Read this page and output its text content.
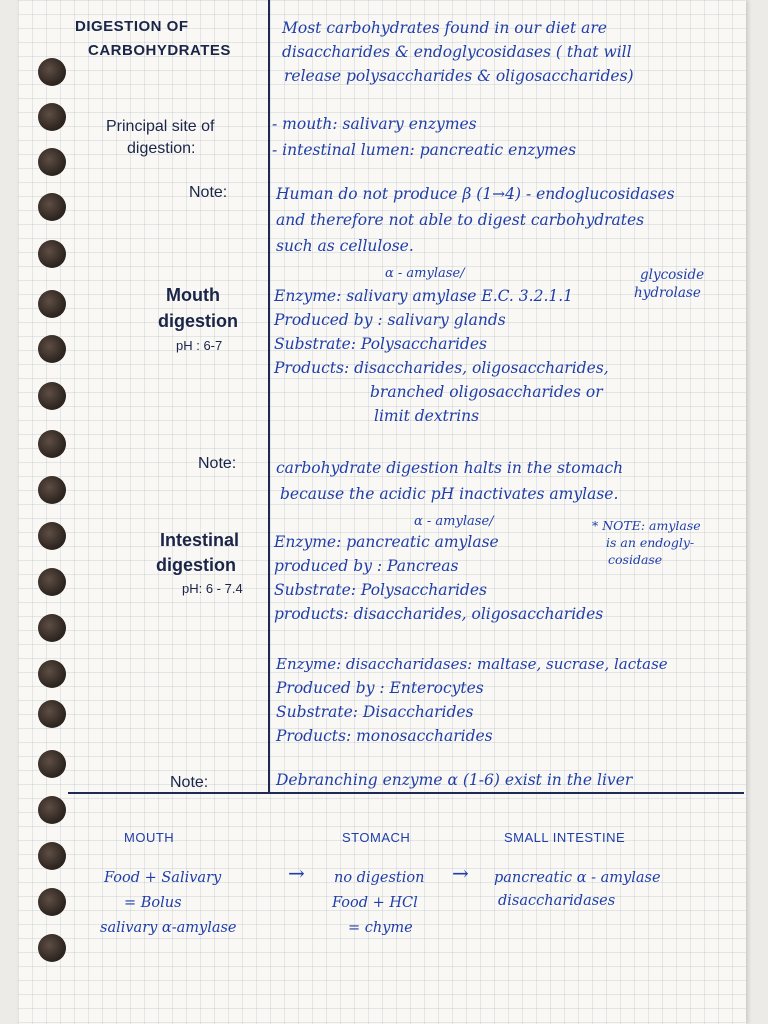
DIGESTION OF
CARBOHYDRATES
Most carbohydrates found in our diet are
disaccharides & endoglycosidases ( that will
release polysaccharides & oligosaccharides)
Principal site of
digestion:
- mouth: salivary enzymes
- intestinal lumen: pancreatic enzymes
Note:	Human do not produce β (1→4) - endoglucosidases
and therefore not able to digest carbohydrates
such as cellulose.
Mouth
digestion
pH : 6-7
α - amylase/	glycoside
hydrolase
Enzyme: salivary amylase E.C. 3.2.1.1
Produced by : salivary glands
Substrate: Polysaccharides
Products: disaccharides, oligosaccharides,
branched oligosaccharides or
limit dextrins
Note:	carbohydrate digestion halts in the stomach
because the acidic pH inactivates amylase.
Intestinal
digestion
pH: 6 - 7.4
α - amylase/	* NOTE: amylase
is an endogly-
cosidase
Enzyme: pancreatic amylase
produced by : Pancreas
Substrate: Polysaccharides
products: disaccharides, oligosaccharides
Enzyme: disaccharidases: maltase, sucrase, lactase
Produced by : Enterocytes
Substrate: Disaccharides
Products: monosaccharides
Note:	Debranching enzyme α (1-6) exist in the liver
MOUTH	STOMACH	SMALL INTESTINE
Food + Salivary
= Bolus
salivary α-amylase
→ no digestion
Food + HCl
= chyme
→ pancreatic α - amylase
disaccharidases
